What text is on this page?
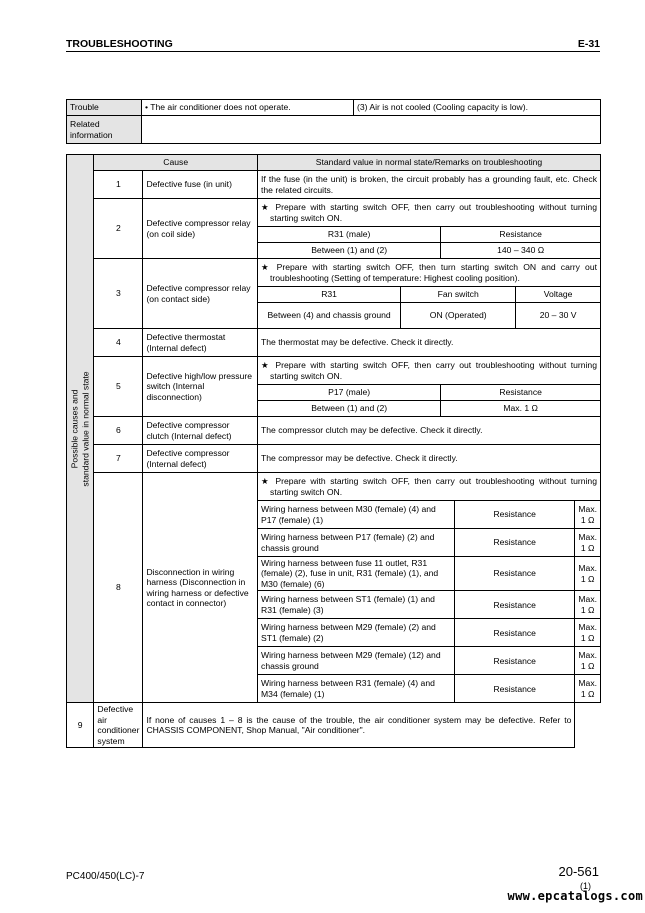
TROUBLESHOOTING	E-31
Trouble	• The air conditioner does not operate.	(3) Air is not cooled (Cooling capacity is low).
Related information		
Possible causes and standard value in normal state	Cause		Standard value in normal state/Remarks on troubleshooting					
	1	Defective fuse (in unit)	If the fuse (in the unit) is broken, the circuit probably has a grounding fault, etc. Check the related circuits.					
	2	Defective compressor relay (on coil side)	★ Prepare with starting switch OFF, then carry out troubleshooting without turning starting switch ON.					

			R31 (male)		Resistance			
			Between (1) and (2)		140 – 340 Ω			
	3	Defective compressor relay (on contact side)	★ Prepare with starting switch OFF, then turn starting switch ON and carry out troubleshooting (Setting of temperature: Highest cooling position).					

			R31	Fan switch			Voltage	
			Between (4) and chassis ground	ON (Operated)			20 – 30 V	
	4	Defective thermostat (Internal defect)	The thermostat may be defective. Check it directly.					
	5	Defective high/low pressure switch (Internal disconnection)	★ Prepare with starting switch OFF, then carry out troubleshooting without turning starting switch ON.					

			P17 (male)		Resistance			
			Between (1) and (2)		Max. 1 Ω			
	6	Defective compressor clutch (Internal defect)	The compressor clutch may be defective. Check it directly.					
	7	Defective compressor (Internal defect)	The compressor may be defective. Check it directly.					
	8	Disconnection in wiring harness (Disconnection in wiring harness or defective contact in connector)	★ Prepare with starting switch OFF, then carry out troubleshooting without turning starting switch ON.					

			Wiring harness between M30 (female) (4) and P17 (female) (1)			Resistance		Max. 1 Ω
			Wiring harness between P17 (female) (2) and chassis ground			Resistance		Max. 1 Ω
			Wiring harness between fuse 11 outlet, R31 (female) (2), fuse in unit, R31 (female) (1), and M30 (female) (6)			Resistance		Max. 1 Ω
			Wiring harness between ST1 (female) (1) and R31 (female) (3)			Resistance		Max. 1 Ω
			Wiring harness between M29 (female) (2) and ST1 (female) (2)			Resistance		Max. 1 Ω
			Wiring harness between M29 (female) (12) and chassis ground			Resistance		Max. 1 Ω
			Wiring harness between R31 (female) (4) and M34 (female) (1)			Resistance		Max. 1 Ω
9	Defective air conditioner system	If none of causes 1 – 8 is the cause of the trouble, the air conditioner system may be defective. Refer to CHASSIS COMPONENT, Shop Manual, "Air conditioner".						
PC400/450(LC)-7	20-561
(1)
www.epcatalogs.com
